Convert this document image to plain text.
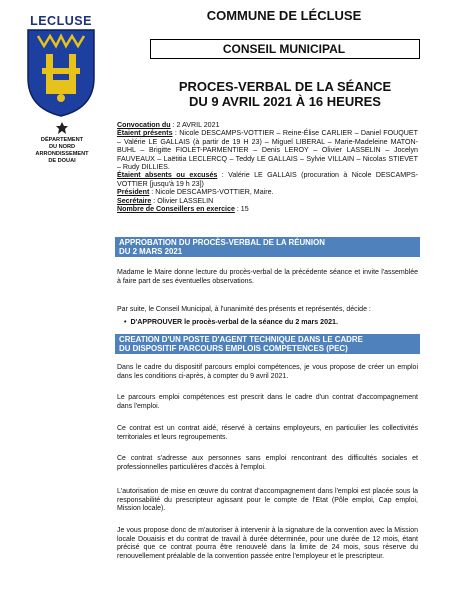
LECLUSE
DÉPARTEMENT
DU NORD
ARRONDISSEMENT
DE DOUAI
COMMUNE DE LÉCLUSE
CONSEIL MUNICIPAL
PROCES-VERBAL DE LA SÉANCE
DU 9 AVRIL 2021 À 16 HEURES
Convocation du : 2 AVRIL 2021
Étaient présents : Nicole DESCAMPS-VOTTIER – Reine-Élise CARLIER – Daniel FOUQUET – Valérie LE GALLAIS (à partir de 19 H 23) – Miguel LIBERAL – Marie-Madeleine MATON-BUHL – Brigitte FIOLET-PARMENTIER – Denis LEROY – Olivier LASSELIN – Jocelyn FAUVEAUX – Laëtitia LECLERCQ – Teddy LE GALLAIS – Sylvie VILLAIN – Nicolas STIEVET – Rudy DILLIES.
Étaient absents ou excusés : Valérie LE GALLAIS (procuration à Nicole DESCAMPS-VOTTIER [jusqu'à 19 h 23])
Président : Nicole DESCAMPS-VOTTIER, Maire.
Secrétaire : Olivier LASSELIN
Nombre de Conseillers en exercice : 15
APPROBATION DU PROCÈS-VERBAL DE LA RÉUNION
DU 2 MARS 2021
Madame le Maire donne lecture du procès-verbal de la précédente séance et invite l'assemblée à faire part de ses éventuelles observations.
Par suite, le Conseil Municipal, à l'unanimité des présents et représentés, décide :
•  D'APPROUVER le procès-verbal de la séance du 2 mars 2021.
CREATION D'UN POSTE D'AGENT TECHNIQUE DANS LE CADRE
DU DISPOSITIF PARCOURS EMPLOIS COMPETENCES (PEC)
Dans le cadre du dispositif parcours emploi compétences, je vous propose de créer un emploi dans les conditions ci-après, à compter du 9 avril 2021.
Le parcours emploi compétences est prescrit dans le cadre d'un contrat d'accompagnement dans l'emploi.
Ce contrat est un contrat aidé, réservé à certains employeurs, en particulier les collectivités territoriales et leurs regroupements.
Ce contrat s'adresse aux personnes sans emploi rencontrant des difficultés sociales et professionnelles particulières d'accès à l'emploi.
L'autorisation de mise en œuvre du contrat d'accompagnement dans l'emploi est placée sous la responsabilité du prescripteur agissant pour le compte de l'Etat (Pôle emploi, Cap emploi, Mission locale).
Je vous propose donc de m'autoriser à intervenir à la signature de la convention avec la Mission locale Douaisis et du contrat de travail à durée déterminée, pour une durée de 12 mois, étant précisé que ce contrat pourra être renouvelé dans la limite de 24 mois, sous réserve du renouvellement préalable de la convention passée entre l'employeur et le prescripteur.
